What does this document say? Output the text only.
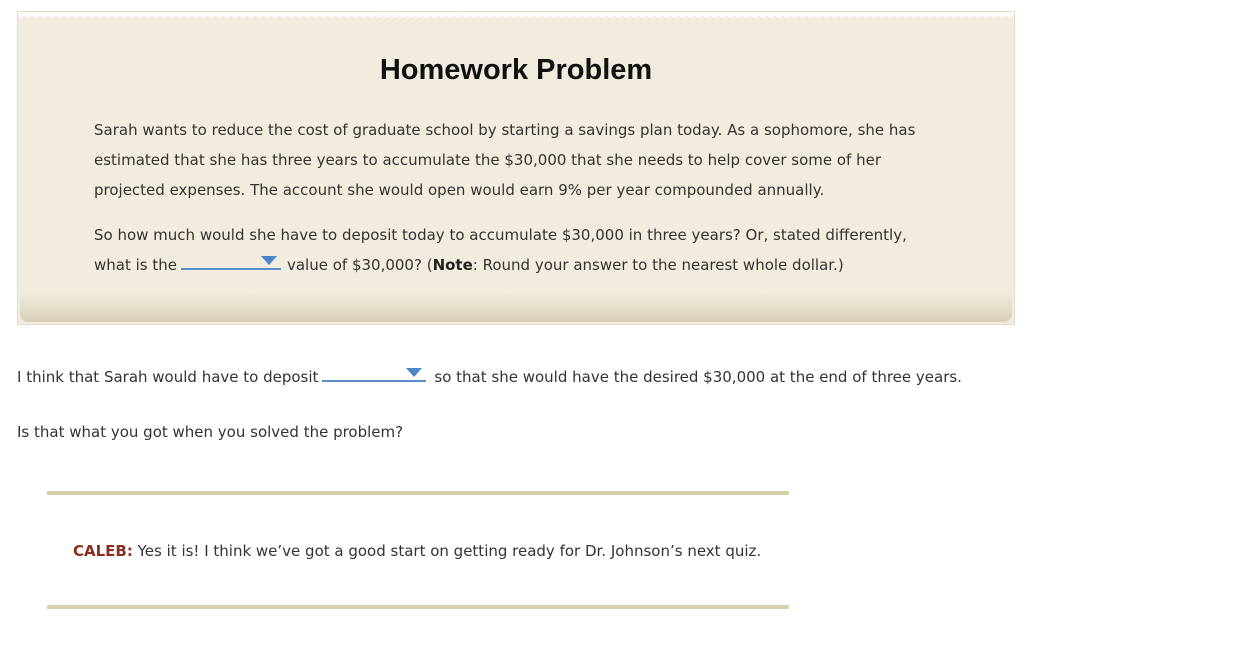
Homework Problem

Sarah wants to reduce the cost of graduate school by starting a savings plan today. As a sophomore, she has estimated that she has three years to accumulate the $30,000 that she needs to help cover some of her projected expenses. The account she would open would earn 9% per year compounded annually.

So how much would she have to deposit today to accumulate $30,000 in three years? Or, stated differently, what is the	value of $30,000? (Note: Round your answer to the nearest whole dollar.)

I think that Sarah would have to deposit	so that she would have the desired $30,000 at the end of three years.

Is that what you got when you solved the problem?

CALEB: Yes it is! I think we’ve got a good start on getting ready for Dr. Johnson’s next quiz.
